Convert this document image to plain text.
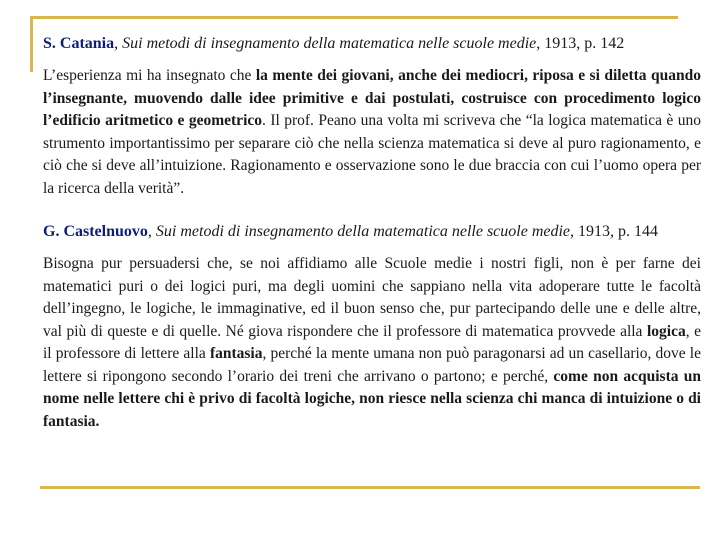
S. Catania, Sui metodi di insegnamento della matematica nelle scuole medie, 1913, p. 142
L’esperienza mi ha insegnato che la mente dei giovani, anche dei mediocri, riposa e si diletta quando l’insegnante, muovendo dalle idee primitive e dai postulati, costruisce con procedimento logico l’edificio aritmetico e geometrico. Il prof. Peano una volta mi scriveva che “la logica matematica è uno strumento importantissimo per separare ciò che nella scienza matematica si deve al puro ragionamento, e ciò che si deve all’intuizione. Ragionamento e osservazione sono le due braccia con cui l’uomo opera per la ricerca della verità”.
G. Castelnuovo, Sui metodi di insegnamento della matematica nelle scuole medie, 1913, p. 144
Bisogna pur persuadersi che, se noi affidiamo alle Scuole medie i nostri figli, non è per farne dei matematici puri o dei logici puri, ma degli uomini che sappiano nella vita adoperare tutte le facoltà dell’ingegno, le logiche, le immaginative, ed il buon senso che, pur partecipando delle une e delle altre, val più di queste e di quelle. Né giova rispondere che il professore di matematica provvede alla logica, e il professore di lettere alla fantasia, perché la mente umana non può paragonarsi ad un casellario, dove le lettere si ripongono secondo l’orario dei treni che arrivano o partono; e perché, come non acquista un nome nelle lettere chi è privo di facoltà logiche, non riesce nella scienza chi manca di intuizione o di fantasia.
